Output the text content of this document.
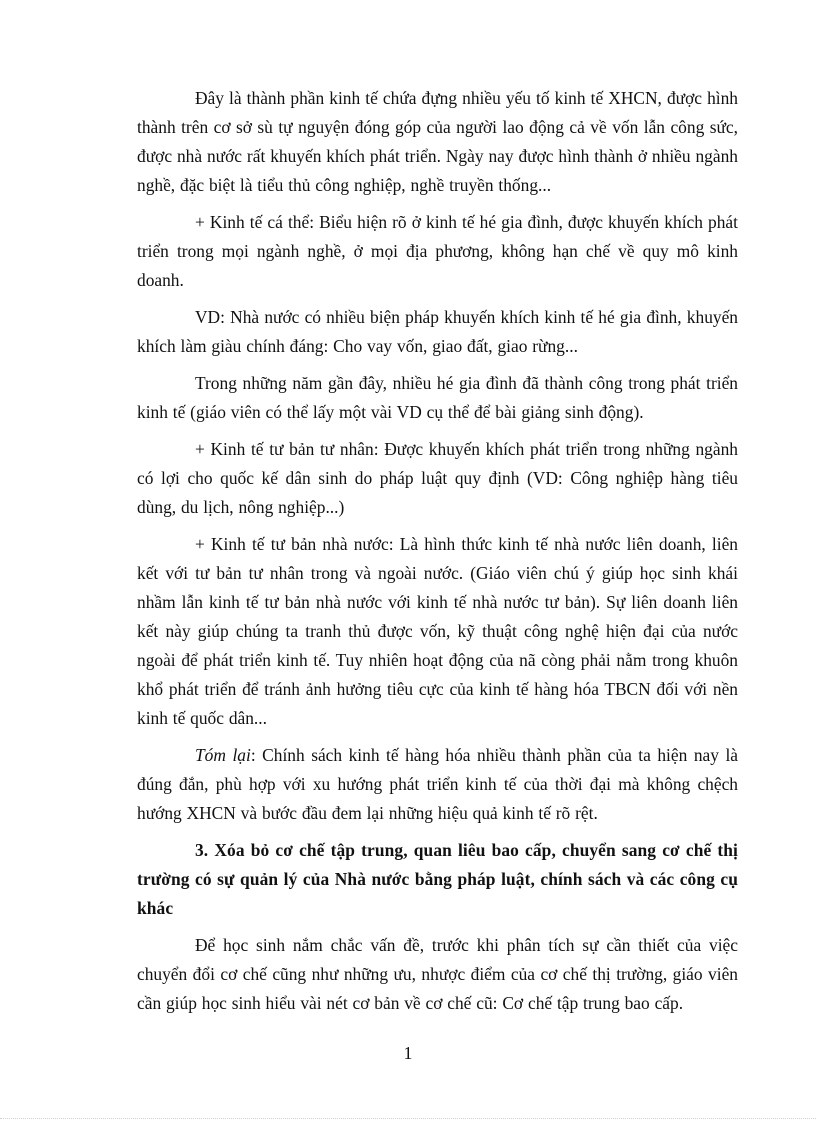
Đây là thành phần kinh tế chứa đựng nhiều yếu tố kinh tế XHCN, được hình thành trên cơ sở sù tự nguyện đóng góp của người lao động cả về vốn lẫn công sức, được nhà nước rất khuyến khích phát triển. Ngày nay được hình thành ở nhiều ngành nghề, đặc biệt là tiểu thủ công nghiệp, nghề truyền thống...

+ Kinh tế cá thể: Biểu hiện rõ ở kinh tế hé gia đình, được khuyến khích phát triển trong mọi ngành nghề, ở mọi địa phương, không hạn chế về quy mô kinh doanh.

VD: Nhà nước có nhiều biện pháp khuyến khích kinh tế hé gia đình, khuyến khích làm giàu chính đáng: Cho vay vốn, giao đất, giao rừng...

Trong những năm gần đây, nhiều hé gia đình đã thành công trong phát triển kinh tế (giáo viên có thể lấy một vài VD cụ thể để bài giảng sinh động).

+ Kinh tế tư bản tư nhân: Được khuyến khích phát triển trong những ngành có lợi cho quốc kế dân sinh do pháp luật quy định (VD: Công nghiệp hàng tiêu dùng, du lịch, nông nghiệp...)

+ Kinh tế tư bản nhà nước: Là hình thức kinh tế nhà nước liên doanh, liên kết với tư bản tư nhân trong và ngoài nước. (Giáo viên chú ý giúp học sinh khái nhầm lẫn kinh tế tư bản nhà nước với kinh tế nhà nước tư bản). Sự liên doanh liên kết này giúp chúng ta tranh thủ được vốn, kỹ thuật công nghệ hiện đại của nước ngoài để phát triển kinh tế. Tuy nhiên hoạt động của nã còng phải nằm trong khuôn khổ phát triển để tránh ảnh hưởng tiêu cực của kinh tế hàng hóa TBCN đối với nền kinh tế quốc dân...

Tóm lại: Chính sách kinh tế hàng hóa nhiều thành phần của ta hiện nay là đúng đắn, phù hợp với xu hướng phát triển kinh tế của thời đại mà không chệch hướng XHCN và bước đầu đem lại những hiệu quả kinh tế rõ rệt.

3. Xóa bỏ cơ chế tập trung, quan liêu bao cấp, chuyển sang cơ chế thị trường có sự quản lý của Nhà nước bằng pháp luật, chính sách và các công cụ khác

Để học sinh nắm chắc vấn đề, trước khi phân tích sự cần thiết của việc chuyển đổi cơ chế cũng như những ưu, nhược điểm của cơ chế thị trường, giáo viên cần giúp học sinh hiểu vài nét cơ bản về cơ chế cũ: Cơ chế tập trung bao cấp.

1
